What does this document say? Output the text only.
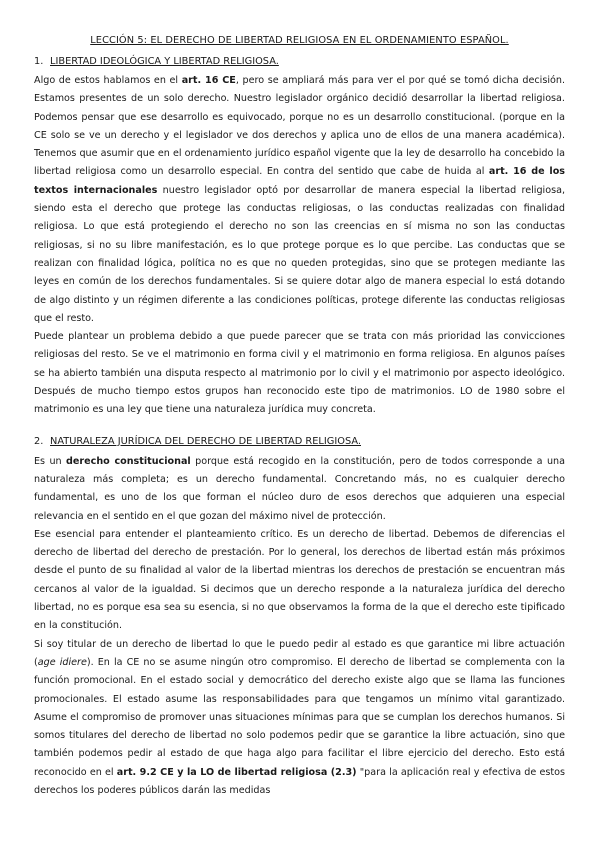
LECCIÓN 5: EL DERECHO DE LIBERTAD RELIGIOSA EN EL ORDENAMIENTO ESPAÑOL.
1. LIBERTAD IDEOLÓGICA Y LIBERTAD RELIGIOSA.

Algo de estos hablamos en el art. 16 CE, pero se ampliará más para ver el por qué se tomó dicha decisión. Estamos presentes de un solo derecho. Nuestro legislador orgánico decidió desarrollar la libertad religiosa. Podemos pensar que ese desarrollo es equivocado, porque no es un desarrollo constitucional. (porque en la CE solo se ve un derecho y el legislador ve dos derechos y aplica uno de ellos de una manera académica). Tenemos que asumir que en el ordenamiento jurídico español vigente que la ley de desarrollo ha concebido la libertad religiosa como un desarrollo especial. En contra del sentido que cabe de huida al art. 16 de los textos internacionales nuestro legislador optó por desarrollar de manera especial la libertad religiosa, siendo esta el derecho que protege las conductas religiosas, o las conductas realizadas con finalidad religiosa. Lo que está protegiendo el derecho no son las creencias en sí misma no son las conductas religiosas, si no su libre manifestación, es lo que protege porque es lo que percibe. Las conductas que se realizan con finalidad lógica, política no es que no queden protegidas, sino que se protegen mediante las leyes en común de los derechos fundamentales. Si se quiere dotar algo de manera especial lo está dotando de algo distinto y un régimen diferente a las condiciones políticas, protege diferente las conductas religiosas que el resto.

Puede plantear un problema debido a que puede parecer que se trata con más prioridad las convicciones religiosas del resto. Se ve el matrimonio en forma civil y el matrimonio en forma religiosa. En algunos países se ha abierto también una disputa respecto al matrimonio por lo civil y el matrimonio por aspecto ideológico. Después de mucho tiempo estos grupos han reconocido este tipo de matrimonios. LO de 1980 sobre el matrimonio es una ley que tiene una naturaleza jurídica muy concreta.

2. NATURALEZA JURÍDICA DEL DERECHO DE LIBERTAD RELIGIOSA.

Es un derecho constitucional porque está recogido en la constitución, pero de todos corresponde a una naturaleza más completa; es un derecho fundamental. Concretando más, no es cualquier derecho fundamental, es uno de los que forman el núcleo duro de esos derechos que adquieren una especial relevancia en el sentido en el que gozan del máximo nivel de protección.

Ese esencial para entender el planteamiento crítico. Es un derecho de libertad. Debemos de diferencias el derecho de libertad del derecho de prestación. Por lo general, los derechos de libertad están más próximos desde el punto de su finalidad al valor de la libertad mientras los derechos de prestación se encuentran más cercanos al valor de la igualdad. Si decimos que un derecho responde a la naturaleza jurídica del derecho libertad, no es porque esa sea su esencia, si no que observamos la forma de la que el derecho este tipificado en la constitución.

Si soy titular de un derecho de libertad lo que le puedo pedir al estado es que garantice mi libre actuación (age idiere). En la CE no se asume ningún otro compromiso. El derecho de libertad se complementa con la función promocional. En el estado social y democrático del derecho existe algo que se llama las funciones promocionales. El estado asume las responsabilidades para que tengamos un mínimo vital garantizado. Asume el compromiso de promover unas situaciones mínimas para que se cumplan los derechos humanos. Si somos titulares del derecho de libertad no solo podemos pedir que se garantice la libre actuación, sino que también podemos pedir al estado de que haga algo para facilitar el libre ejercicio del derecho. Esto está reconocido en el art. 9.2 CE y la LO de libertad religiosa (2.3) "para la aplicación real y efectiva de estos derechos los poderes públicos darán las medidas
